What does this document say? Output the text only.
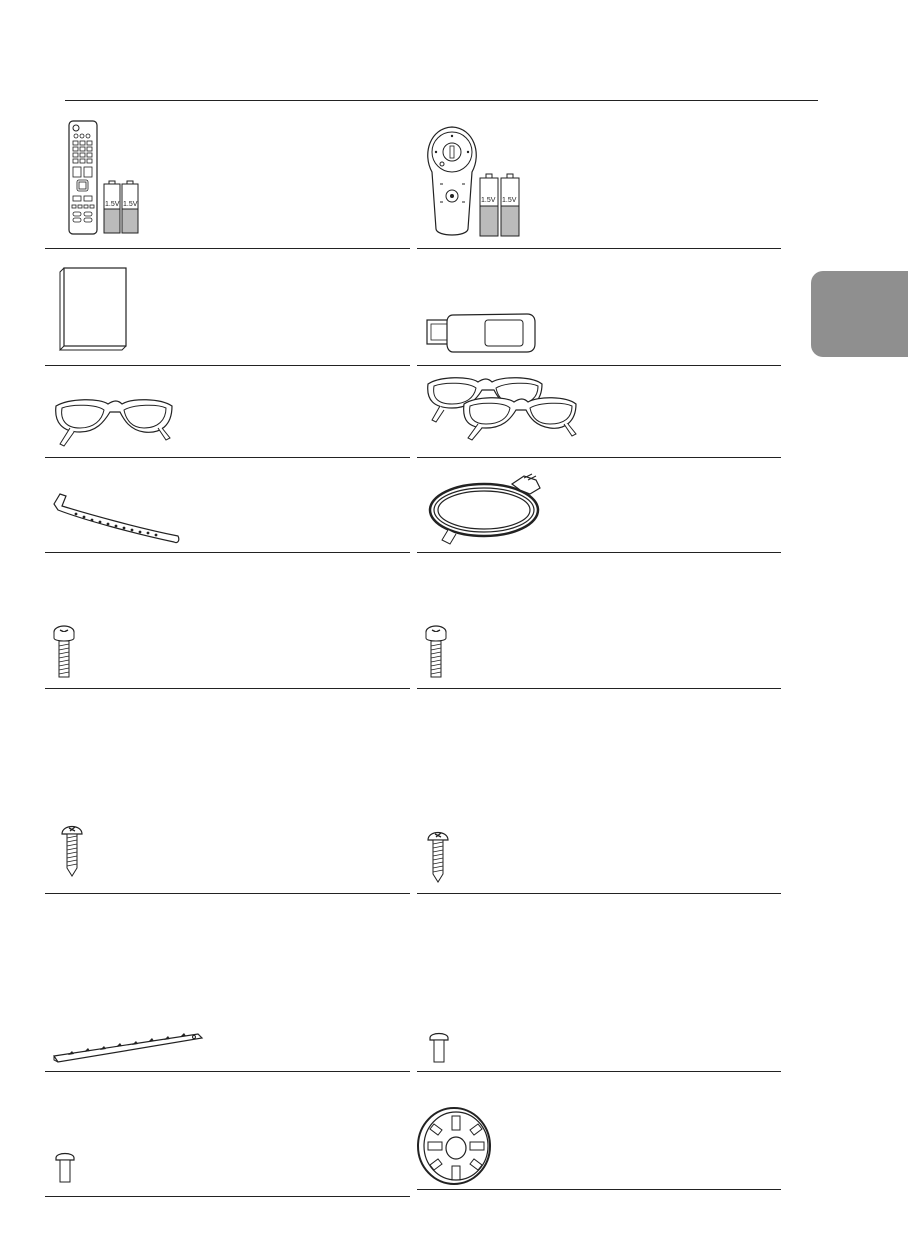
1.5V 1.5V
1.5V 1.5V
